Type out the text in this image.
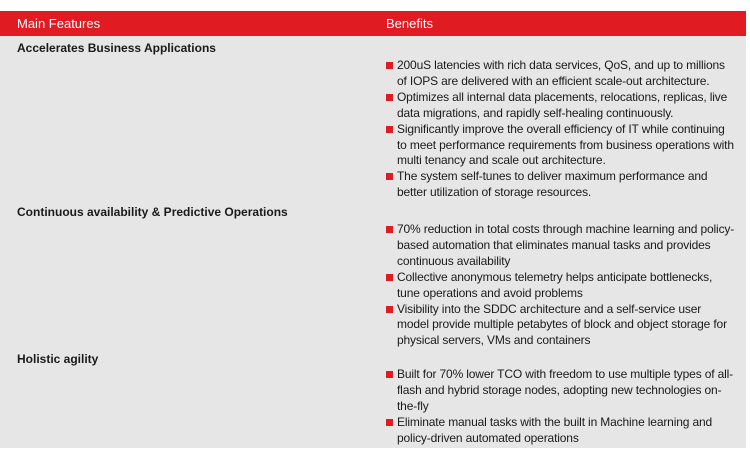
Main Features	Benefits
Accelerates Business Applications
200uS latencies with rich data services, QoS, and up to millions of IOPS are delivered with an efficient scale-out architecture.
Optimizes all internal data placements, relocations, replicas, live data migrations, and rapidly self-healing continuously.
Significantly improve the overall efficiency of IT while continuing to meet performance requirements from business operations with multi tenancy and scale out architecture.
The system self-tunes to deliver maximum performance and better utilization of storage resources.
Continuous availability & Predictive Operations
70% reduction in total costs through machine learning and policy-based automation that eliminates manual tasks and provides continuous availability
Collective anonymous telemetry helps anticipate bottlenecks, tune operations and avoid problems
Visibility into the SDDC architecture and a self-service user model provide multiple petabytes of block and object storage for physical servers, VMs and containers
Holistic agility
Built for 70% lower TCO with freedom to use multiple types of all-flash and hybrid storage nodes, adopting new technologies on-the-fly
Eliminate manual tasks with the built in Machine learning and policy-driven automated operations
